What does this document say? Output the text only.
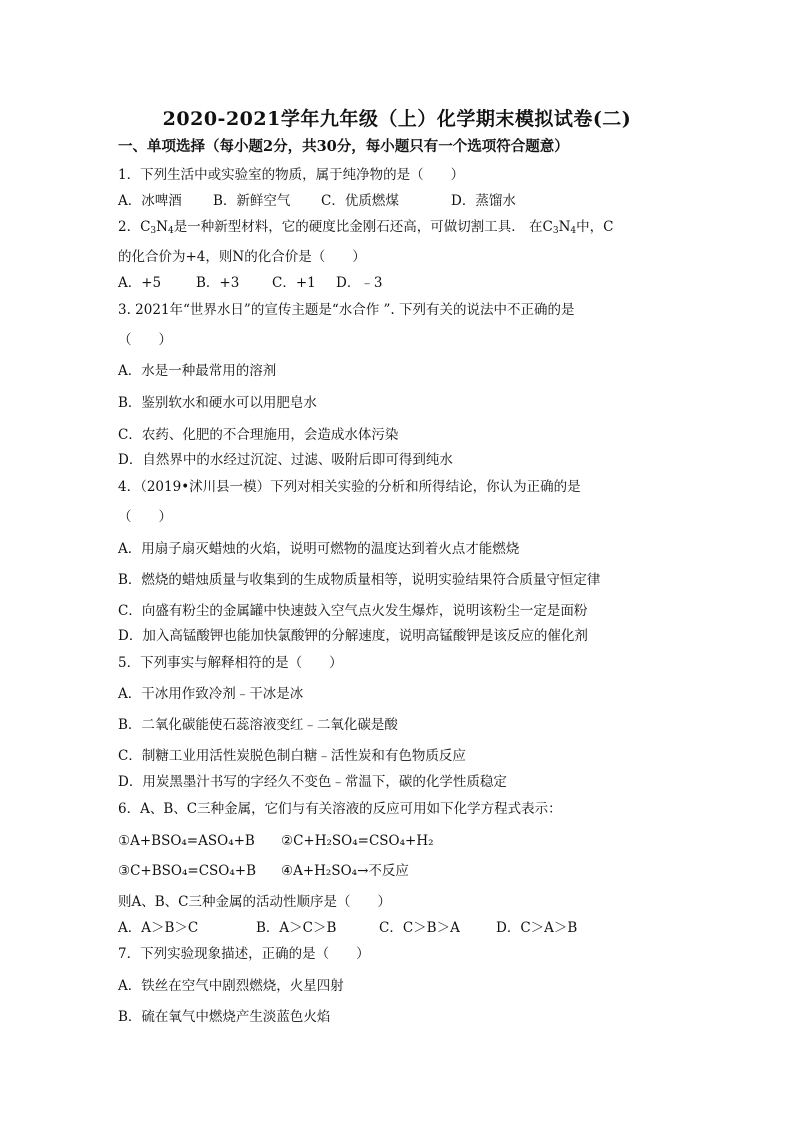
2020-2021学年九年级（上）化学期末模拟试卷(二)
一、单项选择（每小题2分，共30分，每小题只有一个选项符合题意）
1．下列生活中或实验室的物质，属于纯净物的是（　　）
A．冰啤酒 B．新鲜空气 C．优质燃煤	D．蒸馏水
2．$C_3N_4$是一种新型材料，它的硬度比金刚石还高，可做切割工具． 在$C_3N_4$中，C
的化合价为+4，则N的化合价是（　　）
A．+5	B．+3 C．+1 D．﹣3
3. 2021年“世界水日”的宣传主题是“水合作 ”. 下列有关的说法中不正确的是
（　　）
A．水是一种最常用的溶剂
B．鉴别软水和硬水可以用肥皂水
C．农药、化肥的不合理施用，会造成水体污染
D．自然界中的水经过沉淀、过滤、吸附后即可得到纯水
4．（2019•沭川县一模）下列对相关实验的分析和所得结论，你认为正确的是
（　　）
A．用扇子扇灭蜡烛的火焰，说明可燃物的温度达到着火点才能燃烧
B．燃烧的蜡烛质量与收集到的生成物质量相等，说明实验结果符合质量守恒定律
C．向盛有粉尘的金属罐中快速鼓入空气点火发生爆炸，说明该粉尘一定是面粉
D．加入高锰酸钾也能加快氯酸钾的分解速度，说明高锰酸钾是该反应的催化剂
5．下列事实与解释相符的是（　　）
A．干冰用作致冷剂﹣干冰是冰
B．二氧化碳能使石蕊溶液变红﹣二氧化碳是酸
C．制糖工业用活性炭脱色制白糖﹣活性炭和有色物质反应
D．用炭黑墨汁书写的字经久不变色﹣常温下，碳的化学性质稳定
6．A、B、C三种金属，它们与有关溶液的反应可用如下化学方程式表示：
①A+BSO₄=ASO₄+B ②C+H₂SO₄=CSO₄+H₂
③C+BSO₄=CSO₄+B ④A+H₂SO₄→不反应
则A、B、C三种金属的活动性顺序是（　　）
A．A＞B＞C	B．A＞C＞B	C．C＞B＞A	D．C＞A＞B
7．下列实验现象描述，正确的是（　　）
A．铁丝在空气中剧烈燃烧，火星四射
B．硫在氧气中燃烧产生淡蓝色火焰
